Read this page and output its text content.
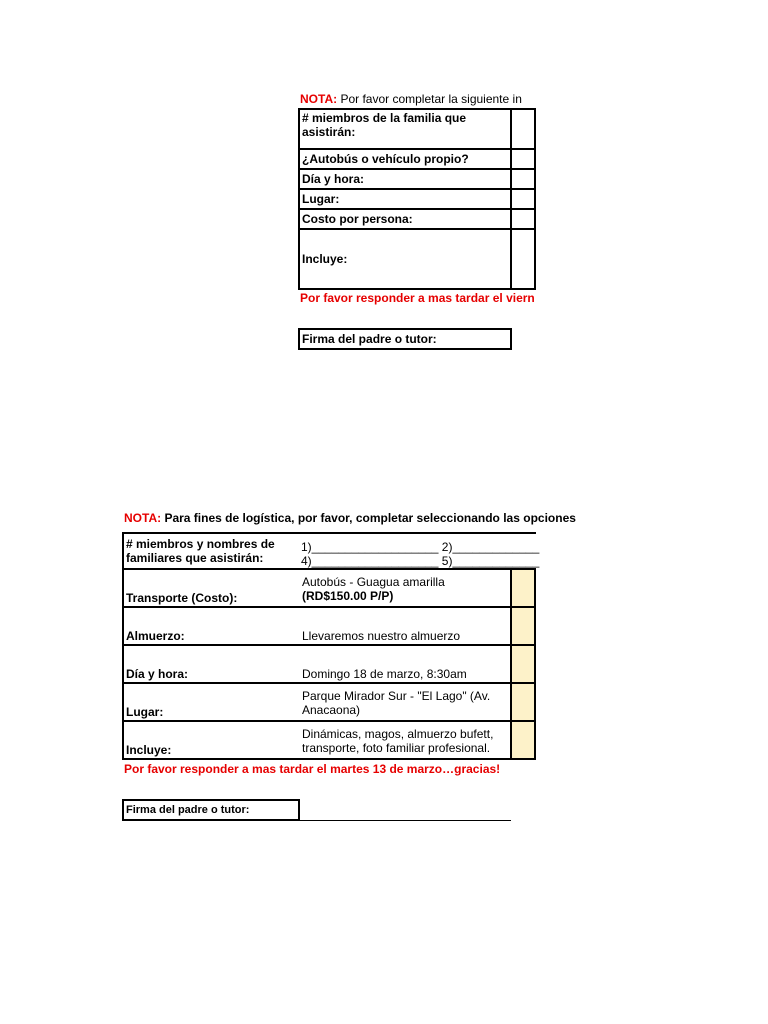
NOTA: Por favor completar la siguiente in
# miembros de la familia que asistirán:
¿Autobús o vehículo propio?
Día y hora:
Lugar:
Costo por persona:
Incluye:
Por favor responder a mas tardar el viern
Firma del padre o tutor:
NOTA: Para fines de logística, por favor, completar seleccionando las opciones
# miembros y nombres de familiares que asistirán:
1)___________________ 2)_____________
4)___________________ 5)_____________
Transporte (Costo):
Autobús - Guagua amarilla
(RD$150.00 P/P)
Almuerzo:	Llevaremos nuestro almuerzo
Día y hora:	Domingo 18 de marzo, 8:30am
Lugar:
Parque Mirador Sur - "El Lago" (Av.
Anacaona)
Incluye:
Dinámicas, magos, almuerzo bufett,
transporte, foto familiar profesional.
Por favor responder a mas tardar el martes 13 de marzo…gracias!
Firma del padre o tutor:
